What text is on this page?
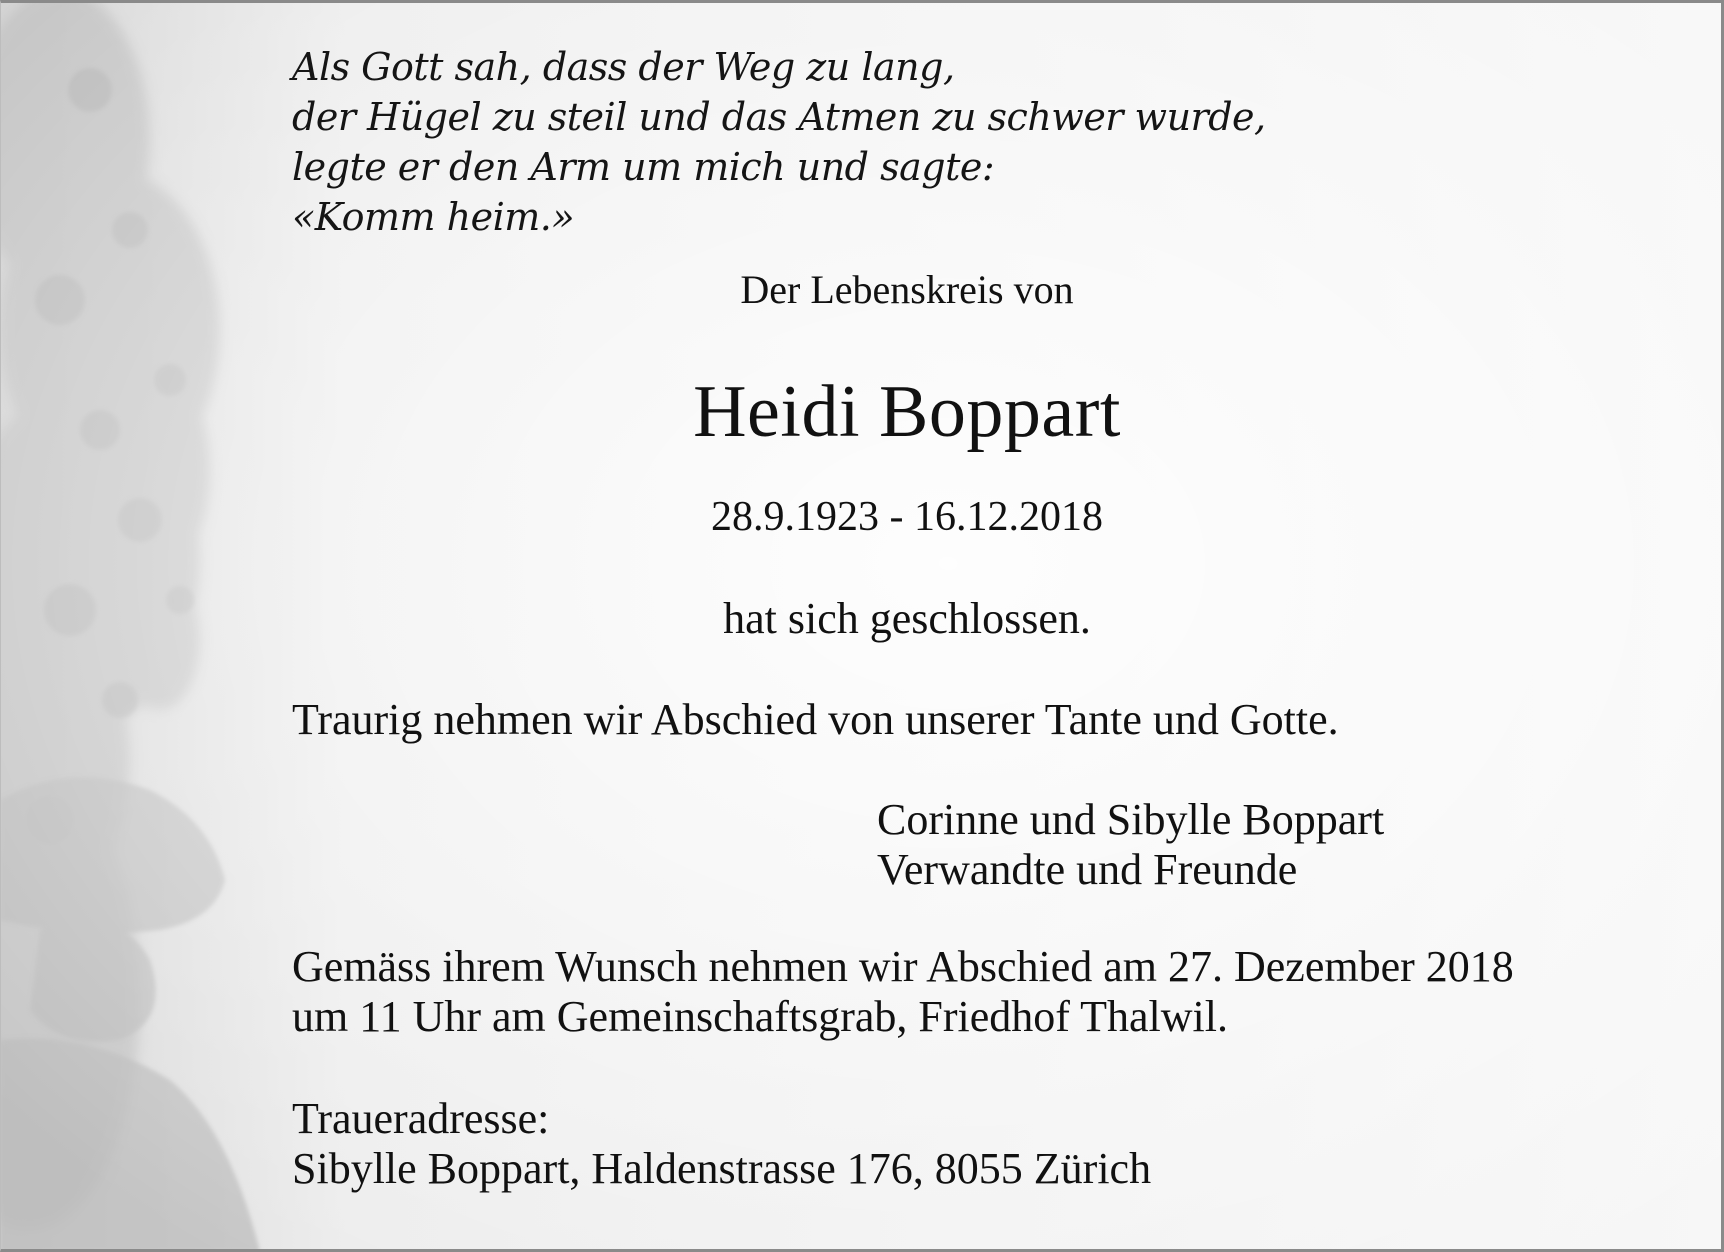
Als Gott sah, dass der Weg zu lang,
der Hügel zu steil und das Atmen zu schwer wurde,
legte er den Arm um mich und sagte:
«Komm heim.»
Der Lebenskreis von
Heidi Boppart
28.9.1923 - 16.12.2018
hat sich geschlossen.
Traurig nehmen wir Abschied von unserer Tante und Gotte.
Corinne und Sibylle Boppart
Verwandte und Freunde
Gemäss ihrem Wunsch nehmen wir Abschied am 27. Dezember 2018
um 11 Uhr am Gemeinschaftsgrab, Friedhof Thalwil.
Traueradresse:
Sibylle Boppart, Haldenstrasse 176, 8055 Zürich
